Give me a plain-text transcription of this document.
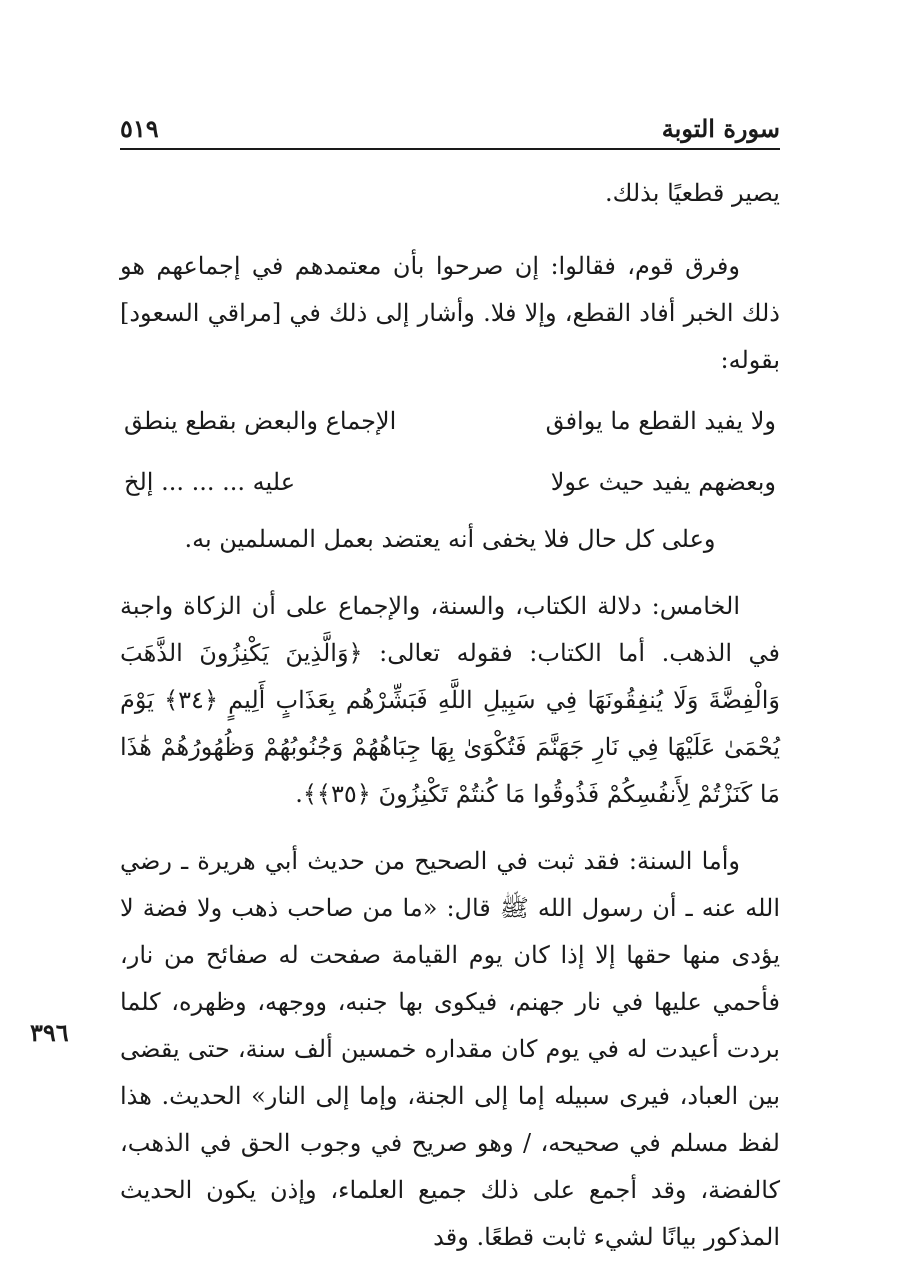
سورة التوبة
٥١٩

يصير قطعيًا بذلك.

وفرق قوم، فقالوا: إن صرحوا بأن معتمدهم في إجماعهم هو ذلك الخبر أفاد القطع، وإلا فلا. وأشار إلى ذلك في [مراقي السعود] بقوله:

ولا يفيد القطع ما يوافق
الإجماع والبعض بقطع ينطق
وبعضهم يفيد حيث عولا
عليه ... ... ... إلخ

وعلى كل حال فلا يخفى أنه يعتضد بعمل المسلمين به.

الخامس: دلالة الكتاب، والسنة، والإجماع على أن الزكاة واجبة في الذهب. أما الكتاب: فقوله تعالى: ﴿وَالَّذِينَ يَكْنِزُونَ الذَّهَبَ وَالْفِضَّةَ وَلَا يُنفِقُونَهَا فِي سَبِيلِ اللَّهِ فَبَشِّرْهُم بِعَذَابٍ أَلِيمٍ ﴿٣٤﴾ يَوْمَ يُحْمَىٰ عَلَيْهَا فِي نَارِ جَهَنَّمَ فَتُكْوَىٰ بِهَا جِبَاهُهُمْ وَجُنُوبُهُمْ وَظُهُورُهُمْ هَٰذَا مَا كَنَزْتُمْ لِأَنفُسِكُمْ فَذُوقُوا مَا كُنتُمْ تَكْنِزُونَ ﴿٣٥﴾﴾.

وأما السنة: فقد ثبت في الصحيح من حديث أبي هريرة ـ رضي الله عنه ـ أن رسول الله ﷺ قال: «ما من صاحب ذهب ولا فضة لا يؤدى منها حقها إلا إذا كان يوم القيامة صفحت له صفائح من نار، فأحمي عليها في نار جهنم، فيكوى بها جنبه، ووجهه، وظهره، كلما بردت أعيدت له في يوم كان مقداره خمسين ألف سنة، حتى يقضى بين العباد، فيرى سبيله إما إلى الجنة، وإما إلى النار» الحديث. هذا لفظ مسلم في صحيحه، / وهو صريح في وجوب الحق في الذهب، كالفضة، وقد أجمع على ذلك جميع العلماء، وإذن يكون الحديث المذكور بيانًا لشيء ثابت قطعًا. وقد

٣٩٦
